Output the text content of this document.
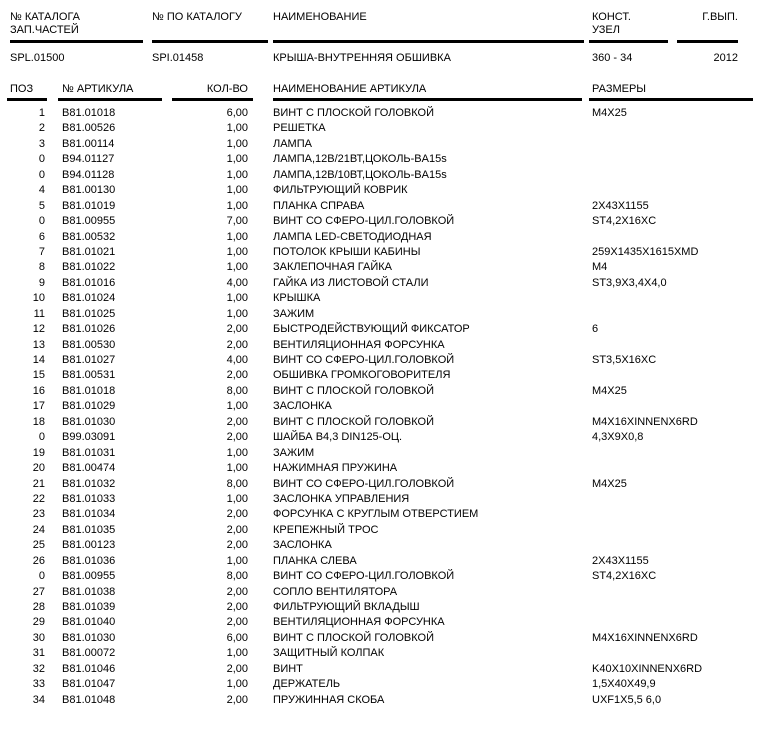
№ КАТАЛОГА
ЗАП.ЧАСТЕЙ
№ ПО КАТАЛОГУ	НАИМЕНОВАНИЕ	КОНСТ.
УЗЕЛ
Г.ВЫП.
SPL.01500	SPI.01458	КРЫША-ВНУТРЕННЯЯ ОБШИВКА	360 - 34	2012
ПОЗ	№ АРТИКУЛА	КОЛ-ВО НАИМЕНОВАНИЕ АРТИКУЛА	РАЗМЕРЫ
1 B81.01018	6,00 ВИНТ С ПЛОСКОЙ ГОЛОВКОЙ	M4X25
2 B81.00526	1,00 РЕШЕТКА
3 B81.00114	1,00 ЛАМПА
0 B94.01127	1,00 ЛАМПА,12В/21ВТ,ЦОКОЛЬ-BA15s
0 B94.01128	1,00 ЛАМПА,12В/10ВТ,ЦОКОЛЬ-BA15s
4 B81.00130	1,00 ФИЛЬТРУЮЩИЙ КОВРИК
5 B81.01019	1,00 ПЛАНКА СПРАВА	2X43X1155
0 B81.00955	7,00 ВИНТ СО СФЕРО-ЦИЛ.ГОЛОВКОЙ	ST4,2X16XC
6 B81.00532	1,00 ЛАМПА LED-СВЕТОДИОДНАЯ
7 B81.01021	1,00 ПОТОЛОК КРЫШИ КАБИНЫ	259X1435X1615XMD
8 B81.01022	1,00 ЗАКЛЕПОЧНАЯ ГАЙКА	M4
9 B81.01016	4,00 ГАЙКА ИЗ ЛИСТОВОЙ СТАЛИ	ST3,9X3,4X4,0
10 B81.01024	1,00 КРЫШКА
11 B81.01025	1,00 ЗАЖИМ
12 B81.01026	2,00 БЫСТРОДЕЙСТВУЮЩИЙ ФИКСАТОР	6
13 B81.00530	2,00 ВЕНТИЛЯЦИОННАЯ ФОРСУНКА
14 B81.01027	4,00 ВИНТ СО СФЕРО-ЦИЛ.ГОЛОВКОЙ	ST3,5X16XC
15 B81.00531	2,00 ОБШИВКА ГРОМКОГОВОРИТЕЛЯ
16 B81.01018	8,00 ВИНТ С ПЛОСКОЙ ГОЛОВКОЙ	M4X25
17 B81.01029	1,00 ЗАСЛОНКА
18 B81.01030	2,00 ВИНТ С ПЛОСКОЙ ГОЛОВКОЙ	M4X16XINNENX6RD
0 B99.03091	2,00 ШАЙБА B4,3 DIN125-ОЦ.	4,3X9X0,8
19 B81.01031	1,00 ЗАЖИМ
20 B81.00474	1,00 НАЖИМНАЯ ПРУЖИНА
21 B81.01032	8,00 ВИНТ СО СФЕРО-ЦИЛ.ГОЛОВКОЙ	M4X25
22 B81.01033	1,00 ЗАСЛОНКА УПРАВЛЕНИЯ
23 B81.01034	2,00 ФОРСУНКА С КРУГЛЫМ ОТВЕРСТИЕМ
24 B81.01035	2,00 КРЕПЕЖНЫЙ ТРОС
25 B81.00123	2,00 ЗАСЛОНКА
26 B81.01036	1,00 ПЛАНКА СЛЕВА	2X43X1155
0 B81.00955	8,00 ВИНТ СО СФЕРО-ЦИЛ.ГОЛОВКОЙ	ST4,2X16XC
27 B81.01038	2,00 СОПЛО ВЕНТИЛЯТОРА
28 B81.01039	2,00 ФИЛЬТРУЮЩИЙ ВКЛАДЫШ
29 B81.01040	2,00 ВЕНТИЛЯЦИОННАЯ ФОРСУНКА
30 B81.01030	6,00 ВИНТ С ПЛОСКОЙ ГОЛОВКОЙ	M4X16XINNENX6RD
31 B81.00072	1,00 ЗАЩИТНЫЙ КОЛПАК
32 B81.01046	2,00 ВИНТ	K40X10XINNENX6RD
33 B81.01047	1,00 ДЕРЖАТЕЛЬ	1,5X40X49,9
34 B81.01048	2,00 ПРУЖИННАЯ СКОБА	UXF1X5,5 6,0
